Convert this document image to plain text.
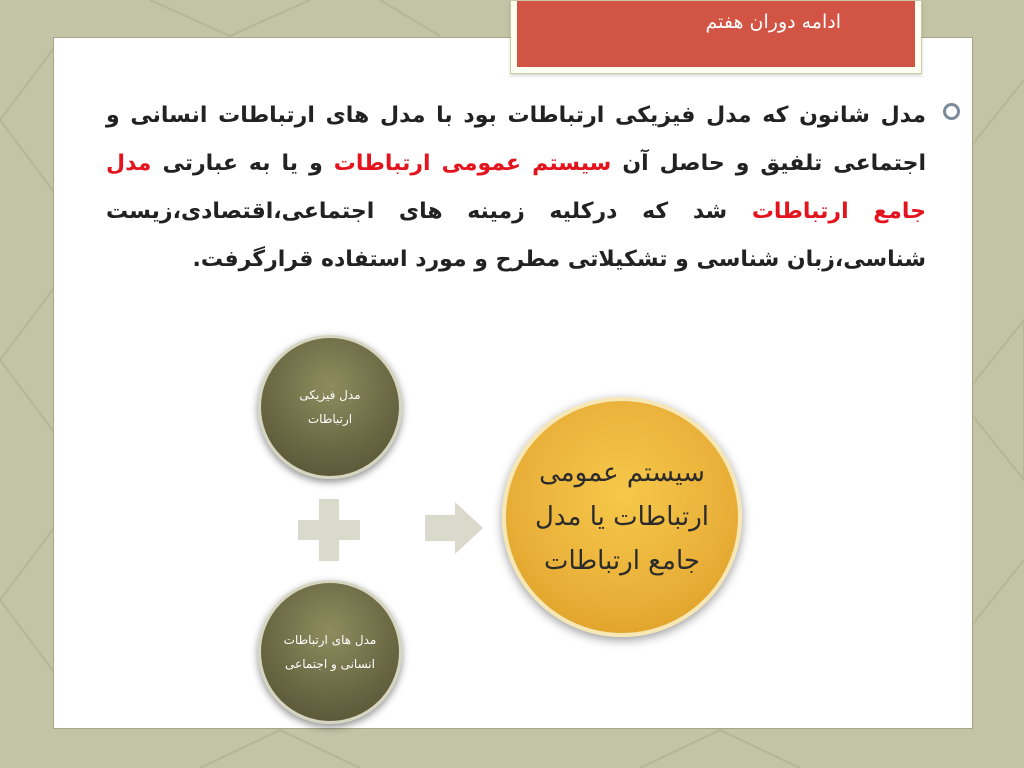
ادامه دوران هفتم
مدل شانون که مدل فیزیکی ارتباطات بود با مدل های ارتباطات انسانی و اجتماعی تلفیق و حاصل آن سیستم عمومی ارتباطات و یا به عبارتی مدل جامع ارتباطات شد که درکلیه زمینه های اجتماعی،اقتصادی،زیست شناسی،زبان شناسی و تشکیلاتی مطرح و مورد استفاده قرارگرفت.
مدل فیزیکی ارتباطات
مدل های ارتباطات انسانی و اجتماعی
سیستم عمومی ارتباطات یا مدل جامع ارتباطات
